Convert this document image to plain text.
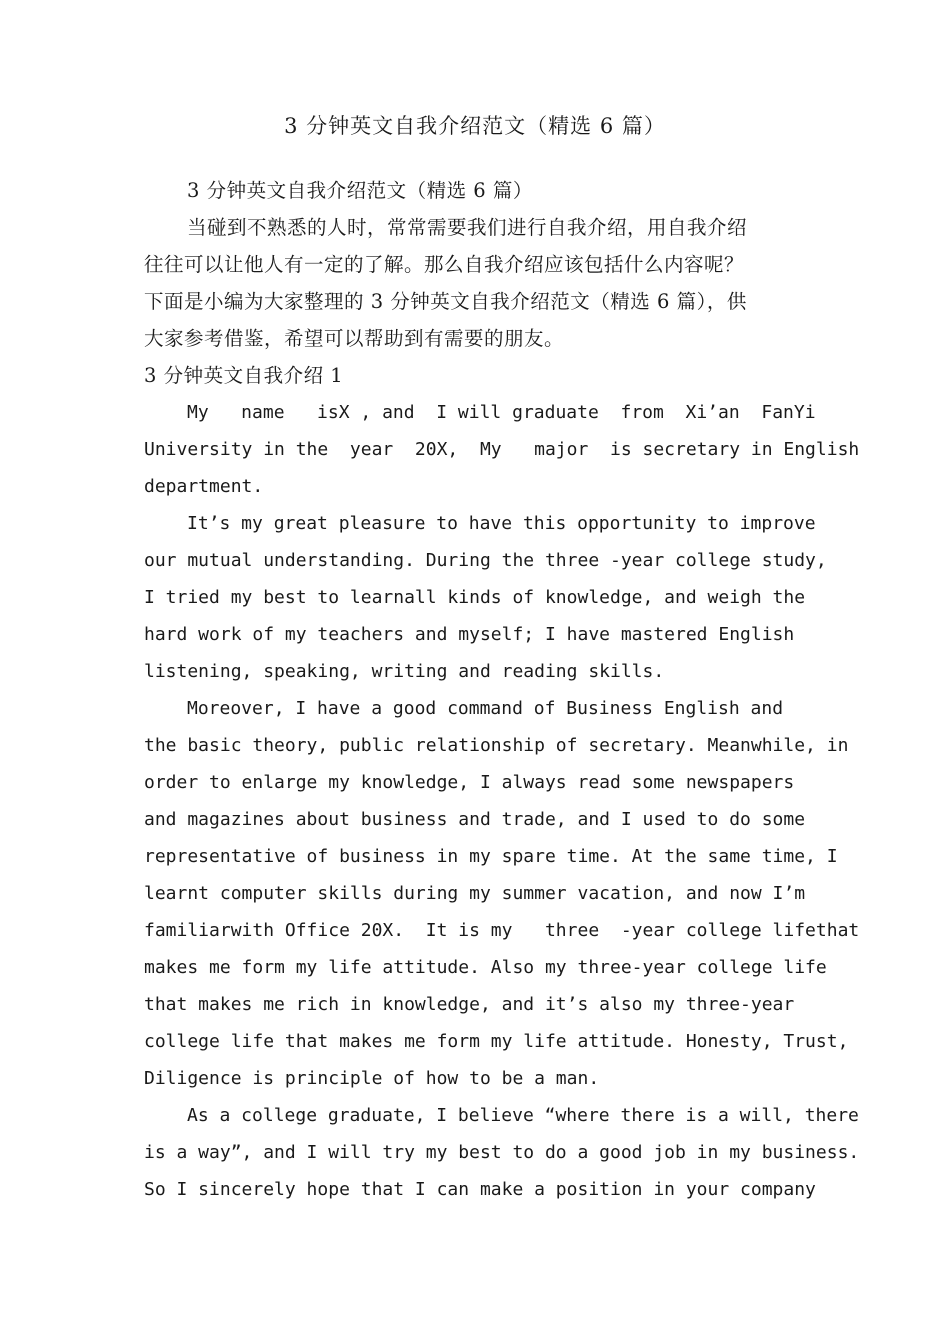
3 分钟英文自我介绍范文（精选 6 篇）
3 分钟英文自我介绍范文（精选 6 篇）
当碰到不熟悉的人时，常常需要我们进行自我介绍，用自我介绍
往往可以让他人有一定的了解。那么自我介绍应该包括什么内容呢？
下面是小编为大家整理的 3 分钟英文自我介绍范文（精选 6 篇），供
大家参考借鉴，希望可以帮助到有需要的朋友。
3 分钟英文自我介绍 1
My   name   isX , and  I will graduate  from  Xi’an  FanYi
University in the  year  20X,  My   major  is secretary in English
department.
It’s my great pleasure to have this opportunity to improve
our mutual understanding. During the three -year college study,
I tried my best to learnall kinds of knowledge, and weigh the
hard work of my teachers and myself; I have mastered English
listening, speaking, writing and reading skills.
Moreover, I have a good command of Business English and
the basic theory, public relationship of secretary. Meanwhile, in
order to enlarge my knowledge, I always read some newspapers
and magazines about business and trade, and I used to do some
representative of business in my spare time. At the same time, I
learnt computer skills during my summer vacation, and now I’m
familiarwith Office 20X.  It is my   three  -year college lifethat
makes me form my life attitude. Also my three-year college life
that makes me rich in knowledge, and it’s also my three-year
college life that makes me form my life attitude. Honesty, Trust,
Diligence is principle of how to be a man.
As a college graduate, I believe “where there is a will, there
is a way”, and I will try my best to do a good job in my business.
So I sincerely hope that I can make a position in your company
